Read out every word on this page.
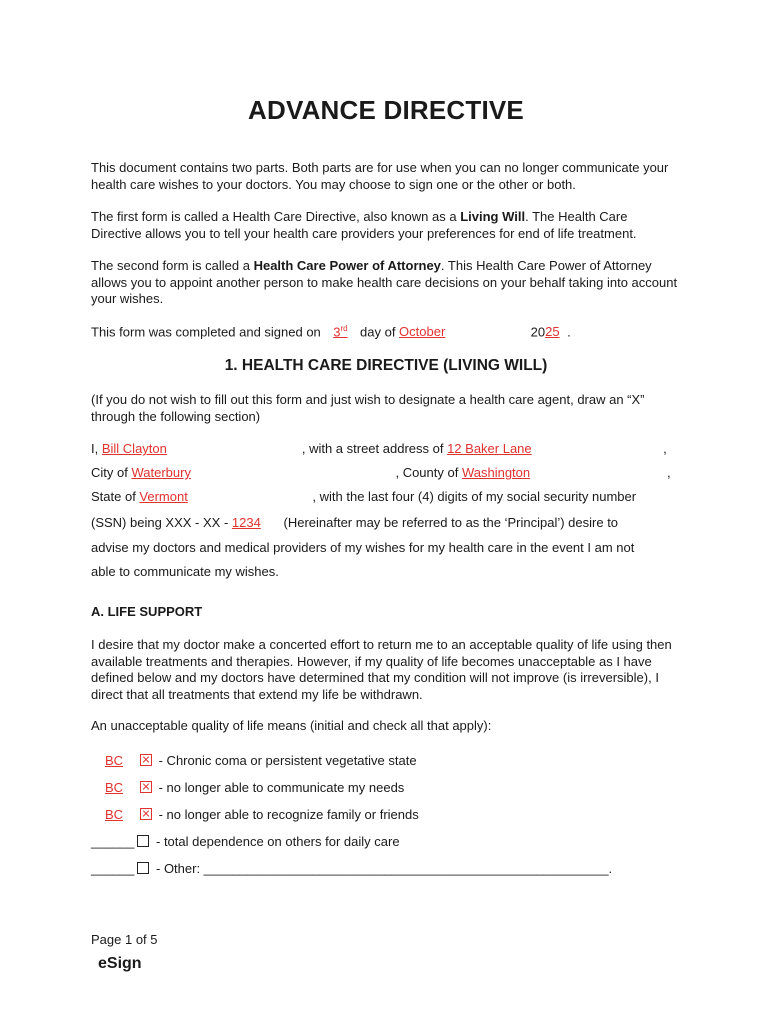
ADVANCE DIRECTIVE
This document contains two parts. Both parts are for use when you can no longer communicate your health care wishes to your doctors. You may choose to sign one or the other or both.
The first form is called a Health Care Directive, also known as a Living Will. The Health Care Directive allows you to tell your health care providers your preferences for end of life treatment.
The second form is called a Health Care Power of Attorney. This Health Care Power of Attorney allows you to appoint another person to make health care decisions on your behalf taking into account your wishes.
This form was completed and signed on 3rd day of October	2025 .
1. HEALTH CARE DIRECTIVE (LIVING WILL)
(If you do not wish to fill out this form and just wish to designate a health care agent, draw an “X” through the following section)
I, Bill Clayton	, with a street address of 12 Baker Lane	,
City of Waterbury	, County of Washington	,
State of Vermont	, with the last four (4) digits of my social security number
(SSN) being XXX - XX - 1234 (Hereinafter may be referred to as the ‘Principal’) desire to
advise my doctors and medical providers of my wishes for my health care in the event I am not
able to communicate my wishes.
A. LIFE SUPPORT
I desire that my doctor make a concerted effort to return me to an acceptable quality of life using then available treatments and therapies. However, if my quality of life becomes unacceptable as I have defined below and my doctors have determined that my condition will not improve (is irreversible), I direct that all treatments that extend my life be withdrawn.
An unacceptable quality of life means (initial and check all that apply):
BC - Chronic coma or persistent vegetative state
BC - no longer able to communicate my needs
BC - no longer able to recognize family or friends
______ - total dependence on others for daily care
______ - Other: ________________________________________________________.
Page 1 of 5
eSign
